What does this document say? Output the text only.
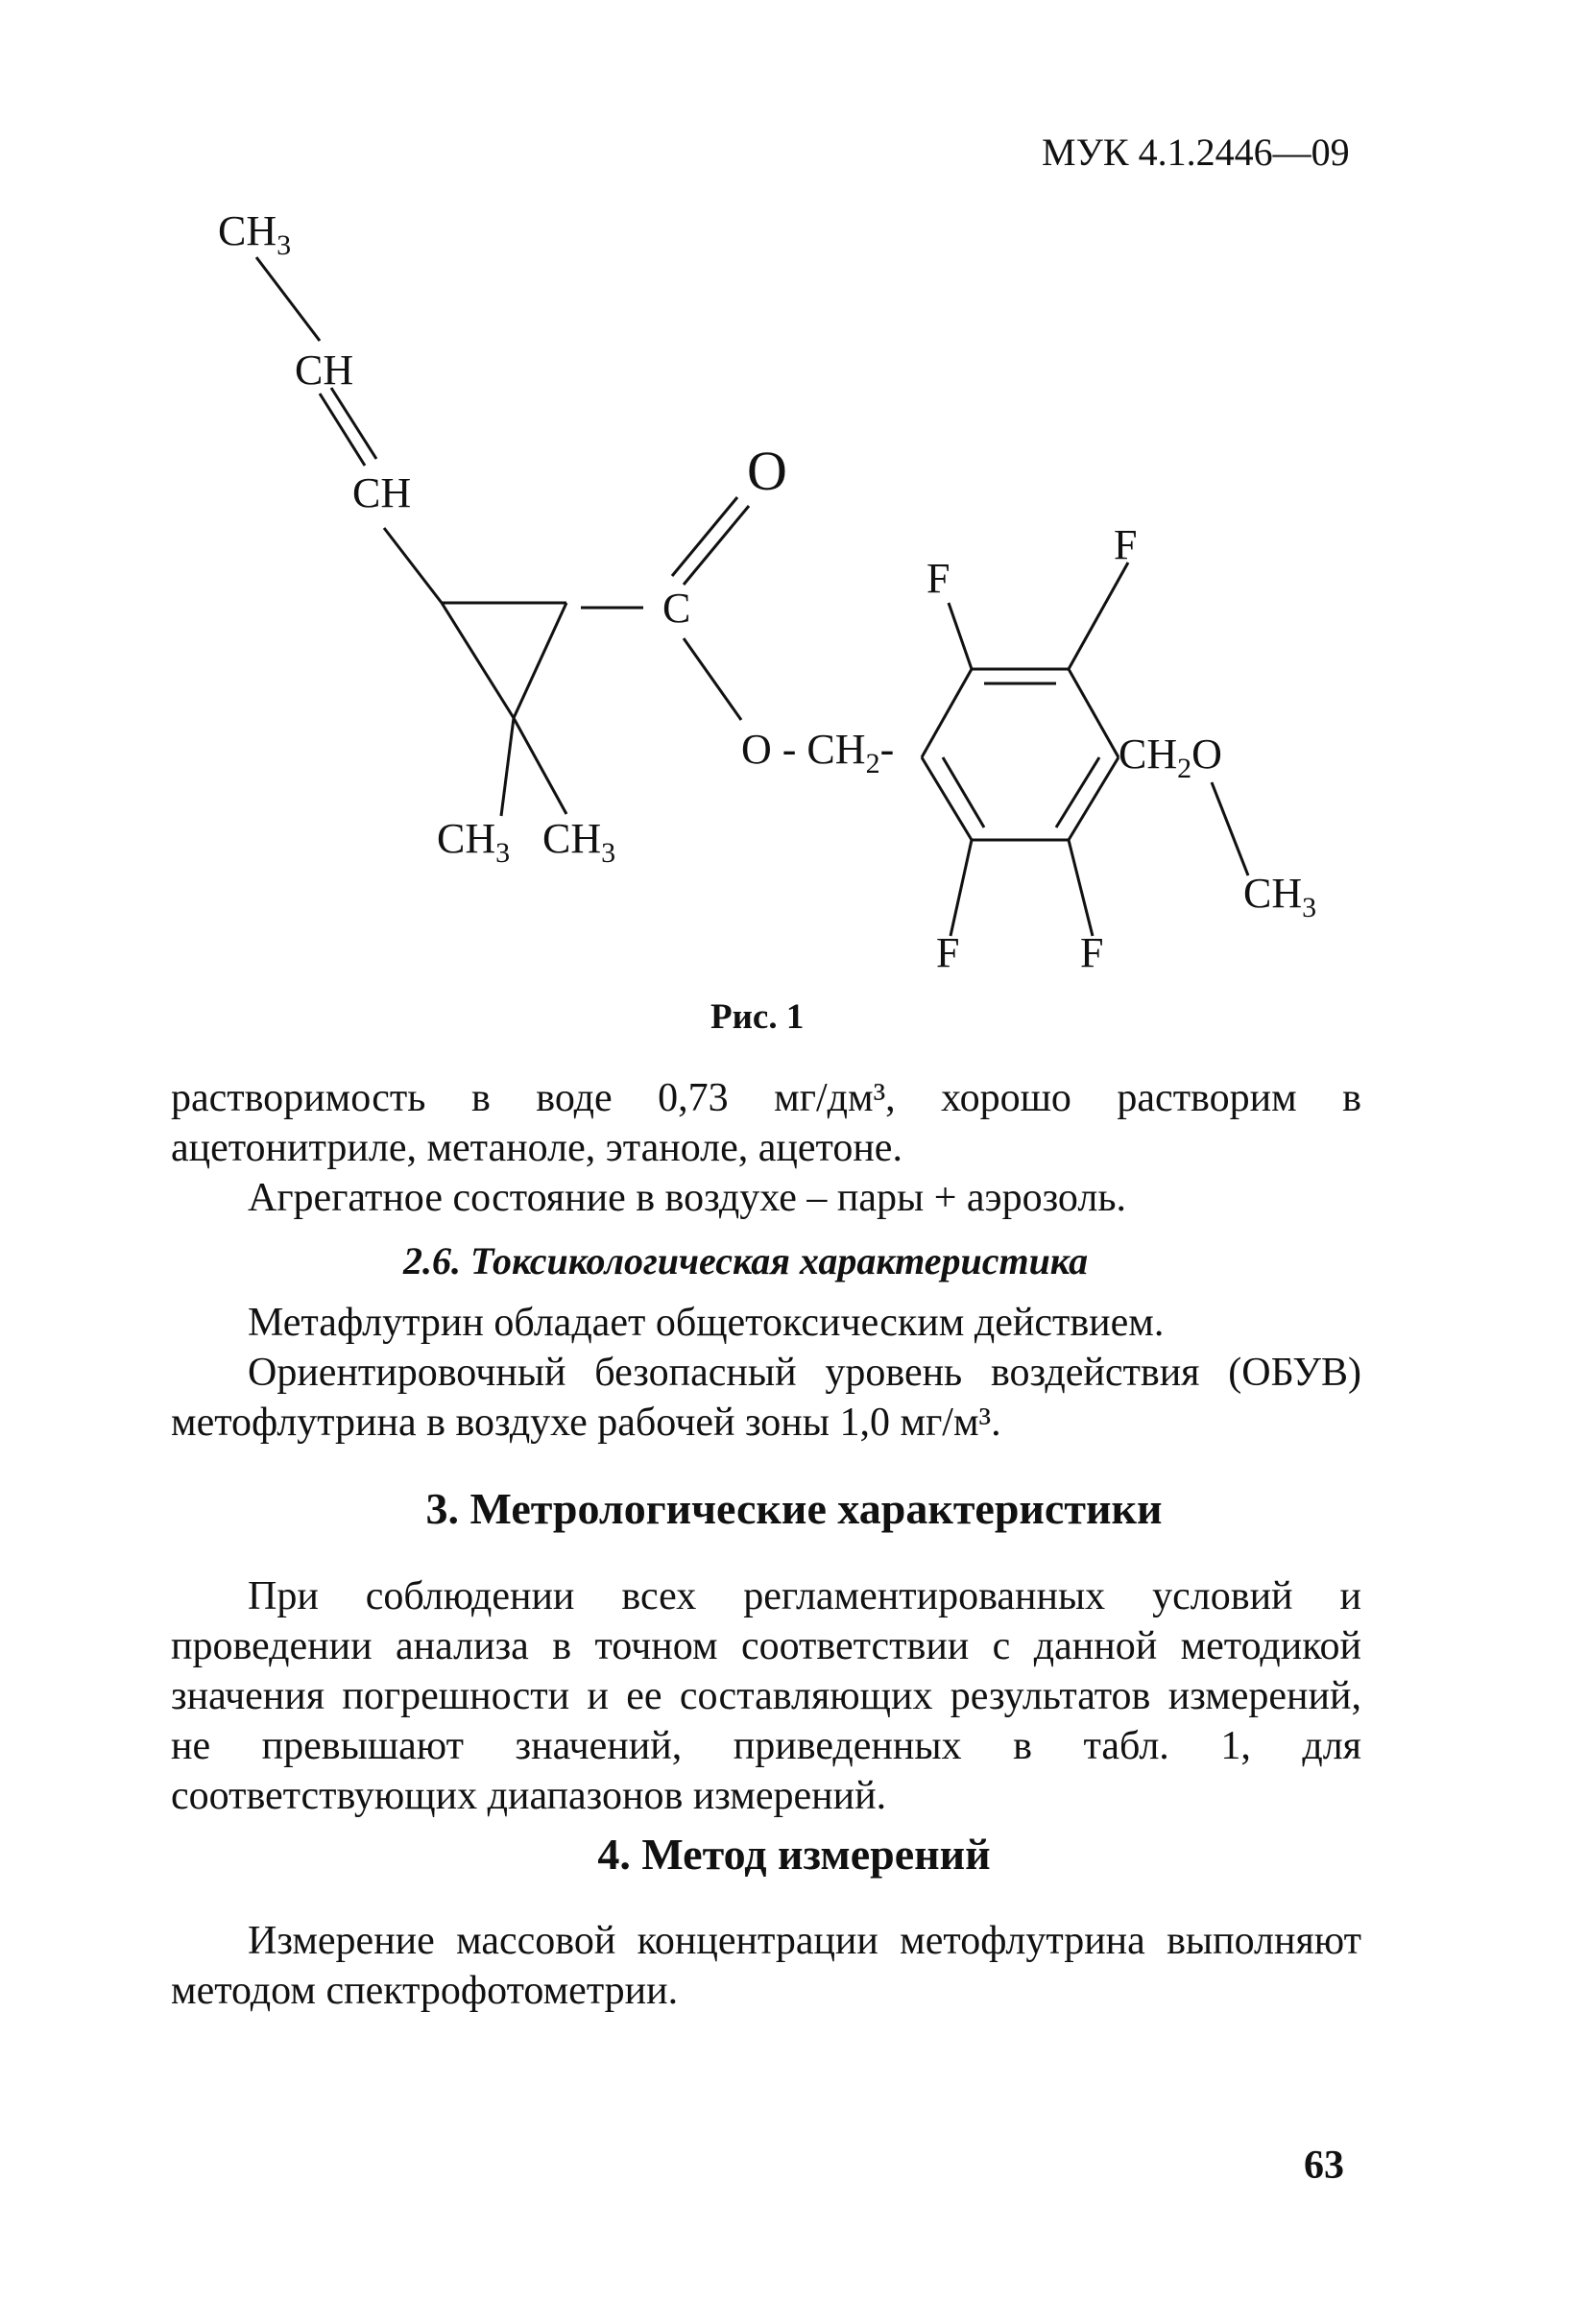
МУК 4.1.2446—09
$CH_3$
CH
CH	O
C
O - $CH_2-$
$CH_3$ $CH_3$
F
F
F	F
$CH_2O$
$CH_3$
Рис. 1

растворимость в воде 0,73 мг/дм³, хорошо растворим в ацетонитриле, метаноле, этаноле, ацетоне.

Агрегатное состояние в воздухе – пары + аэрозоль.

2.6. Токсикологическая характеристика

Метафлутрин обладает общетоксическим действием.

Ориентировочный безопасный уровень воздействия (ОБУВ) метофлутрина в воздухе рабочей зоны 1,0 мг/м³.

3. Метрологические характеристики

При соблюдении всех регламентированных условий и проведении анализа в точном соответствии с данной методикой значения погрешности и ее составляющих результатов измерений, не превышают значений, приведенных в табл. 1, для соответствующих диапазонов измерений.

4. Метод измерений

Измерение массовой концентрации метофлутрина выполняют методом спектрофотометрии.

63
